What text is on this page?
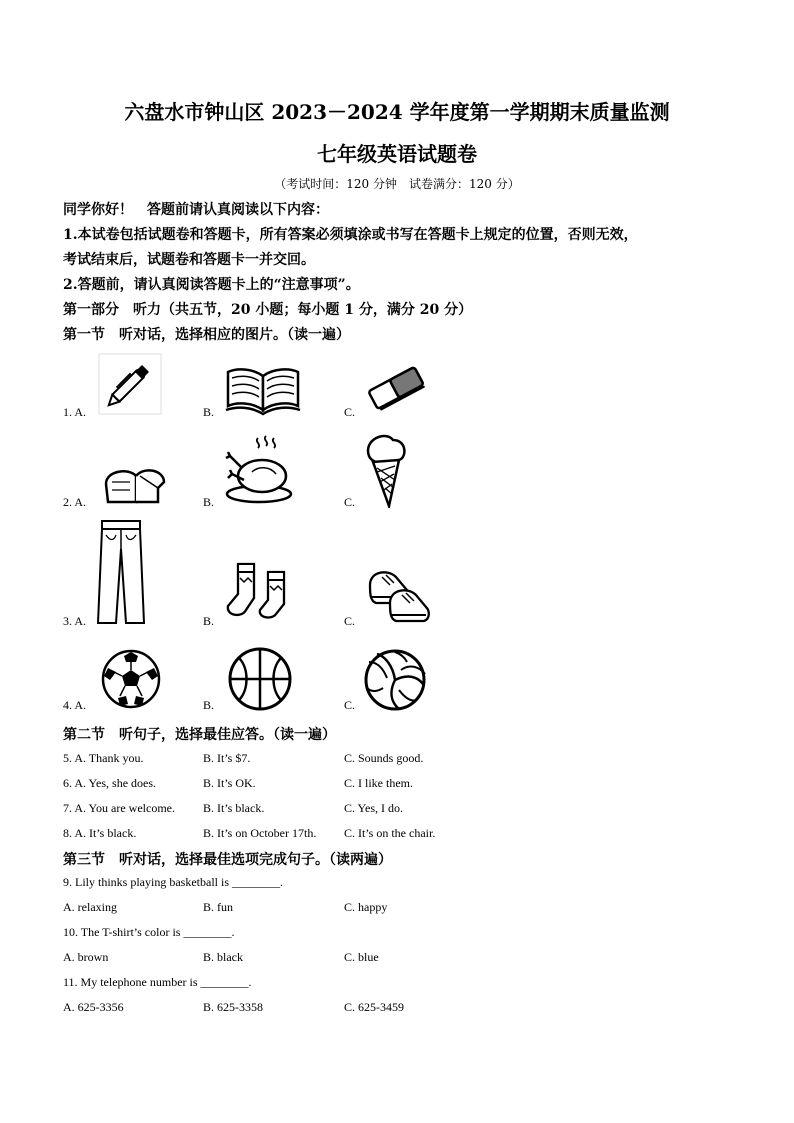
六盘水市钟山区 2023－2024 学年度第一学期期末质量监测
七年级英语试题卷
（考试时间：120 分钟　试卷满分：120 分）
同学你好！　答题前请认真阅读以下内容：
1.本试卷包括试题卷和答题卡，所有答案必须填涂或书写在答题卡上规定的位置，否则无效，
考试结束后，试题卷和答题卡一并交回。
2.答题前，请认真阅读答题卡上的“注意事项”。
第一部分　听力（共五节，20 小题；每小题 1 分，满分 20 分）
第一节　听对话，选择相应的图片。（读一遍）
1. A.	B.	C.
2. A.	B.	C.
3. A.	B.	C.
4. A.	B.	C.
第二节　听句子，选择最佳应答。（读一遍）
5. A. Thank you.	B. It’s $7.	C. Sounds good.
6. A. Yes, she does.	B. It’s OK.	C. I like them.
7. A. You are welcome. B. It’s black.	C. Yes, I do.
8. A. It’s black.	B. It’s on October 17th. C. It’s on the chair.
第三节　听对话，选择最佳选项完成句子。（读两遍）
9. Lily thinks playing basketball is ________.
A. relaxing	B. fun	C. happy
10. The T-shirt’s color is ________.
A. brown	B. black	C. blue
11. My telephone number is ________.
A. 625-3356	B. 625-3358	C. 625-3459
